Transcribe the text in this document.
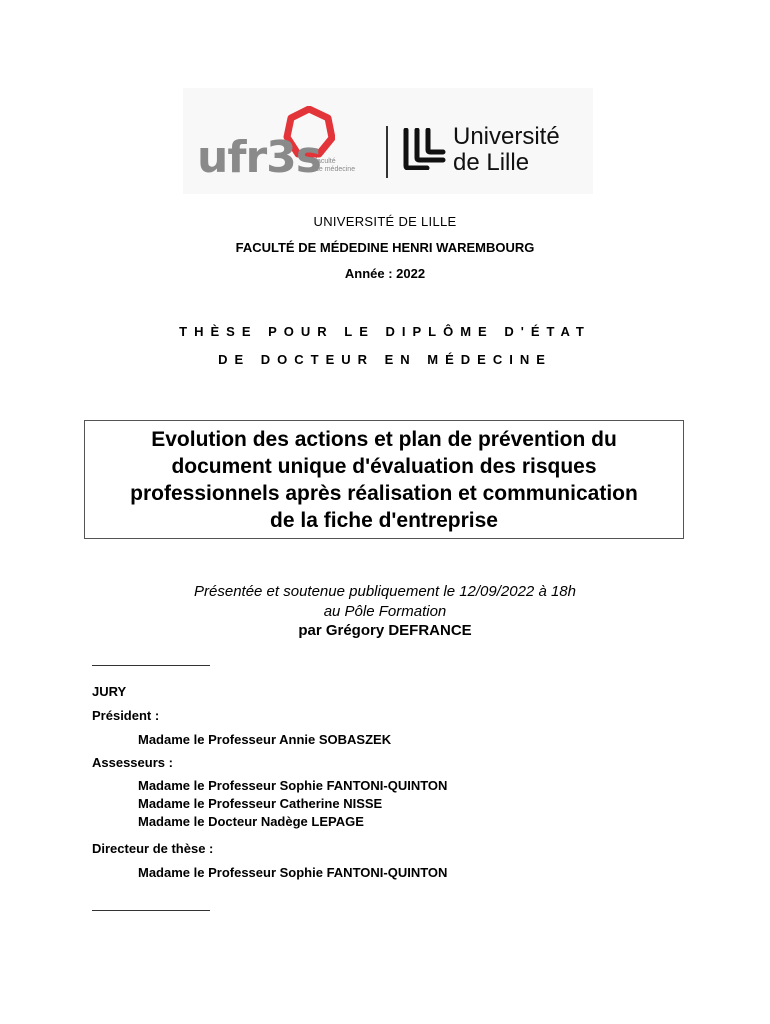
ufr3s
faculté
de médecine
Université
de Lille
UNIVERSITÉ DE LILLE
FACULTÉ DE MÉDEDINE HENRI WAREMBOURG
Année : 2022
THÈSE POUR LE DIPLÔME D'ÉTAT
DE DOCTEUR EN MÉDECINE
Evolution des actions et plan de prévention du
document unique d'évaluation des risques
professionnels après réalisation et communication
de la fiche d'entreprise
Présentée et soutenue publiquement le 12/09/2022 à 18h
au Pôle Formation
par Grégory DEFRANCE
JURY
Président :
Madame le Professeur Annie SOBASZEK
Assesseurs :
Madame le Professeur Sophie FANTONI-QUINTON
Madame le Professeur Catherine NISSE
Madame le Docteur Nadège LEPAGE
Directeur de thèse :
Madame le Professeur Sophie FANTONI-QUINTON
